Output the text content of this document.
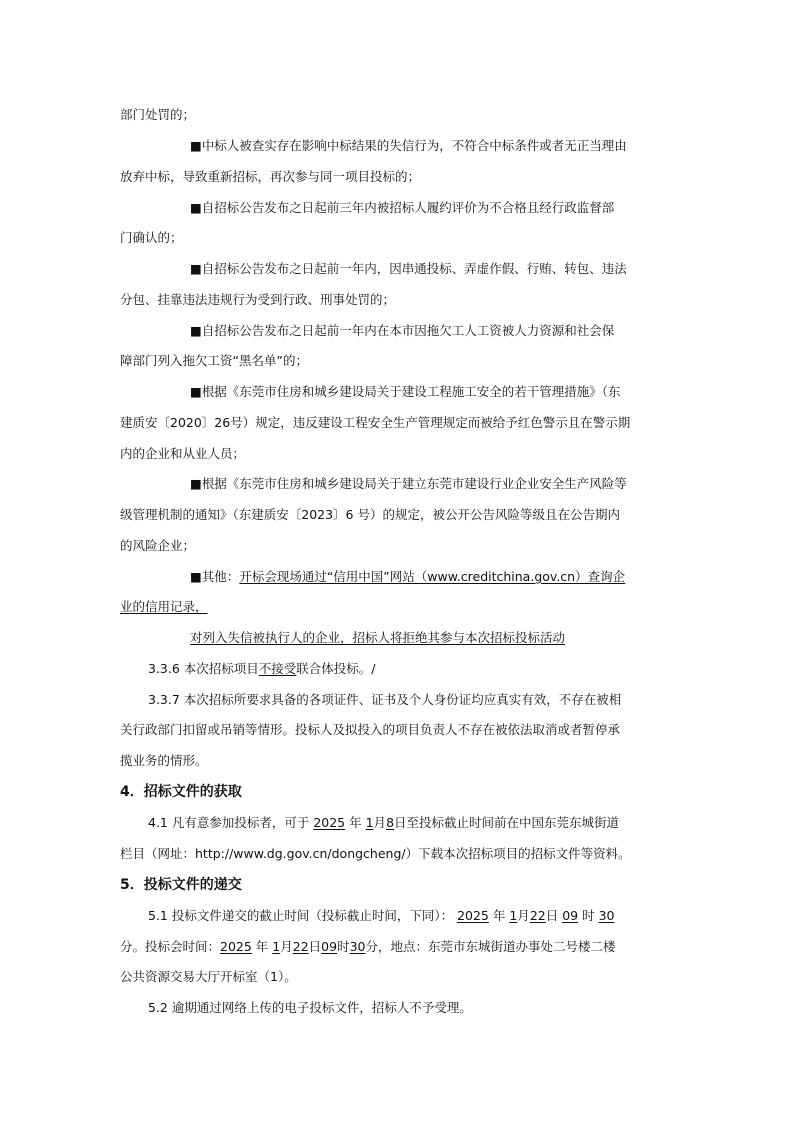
部门处罚的；
■中标人被查实存在影响中标结果的失信行为，不符合中标条件或者无正当理由
放弃中标，导致重新招标，再次参与同一项目投标的；
■自招标公告发布之日起前三年内被招标人履约评价为不合格且经行政监督部
门确认的；
■自招标公告发布之日起前一年内，因串通投标、弄虚作假、行贿、转包、违法
分包、挂靠违法违规行为受到行政、刑事处罚的；
■自招标公告发布之日起前一年内在本市因拖欠工人工资被人力资源和社会保
障部门列入拖欠工资“黑名单”的；
■根据《东莞市住房和城乡建设局关于建设工程施工安全的若干管理措施》（东
建质安〔2020〕26号）规定，违反建设工程安全生产管理规定而被给予红色警示且在警示期
内的企业和从业人员；
■根据《东莞市住房和城乡建设局关于建立东莞市建设行业企业安全生产风险等
级管理机制的通知》（东建质安〔2023〕6 号）的规定，被公开公告风险等级且在公告期内
的风险企业；
■其他：开标会现场通过“信用中国”网站（www.creditchina.gov.cn）查询企
业的信用记录，
对列入失信被执行人的企业，招标人将拒绝其参与本次招标投标活动
3.3.6 本次招标项目不接受联合体投标。/
3.3.7 本次招标所要求具备的各项证件、证书及个人身份证均应真实有效，不存在被相
关行政部门扣留或吊销等情形。投标人及拟投入的项目负责人不存在被依法取消或者暂停承
揽业务的情形。
4．招标文件的获取
4.1 凡有意参加投标者，可于 2025 年 1月8日至投标截止时间前在中国东莞东城街道
栏目（网址：http://www.dg.gov.cn/dongcheng/）下载本次招标项目的招标文件等资料。
5．投标文件的递交
5.1 投标文件递交的截止时间（投标截止时间，下同）： 2025 年 1月22日 09 时 30
分。投标会时间：2025 年 1月22日09时30分，地点：东莞市东城街道办事处二号楼二楼
公共资源交易大厅开标室（1）。
5.2 逾期通过网络上传的电子投标文件，招标人不予受理。
